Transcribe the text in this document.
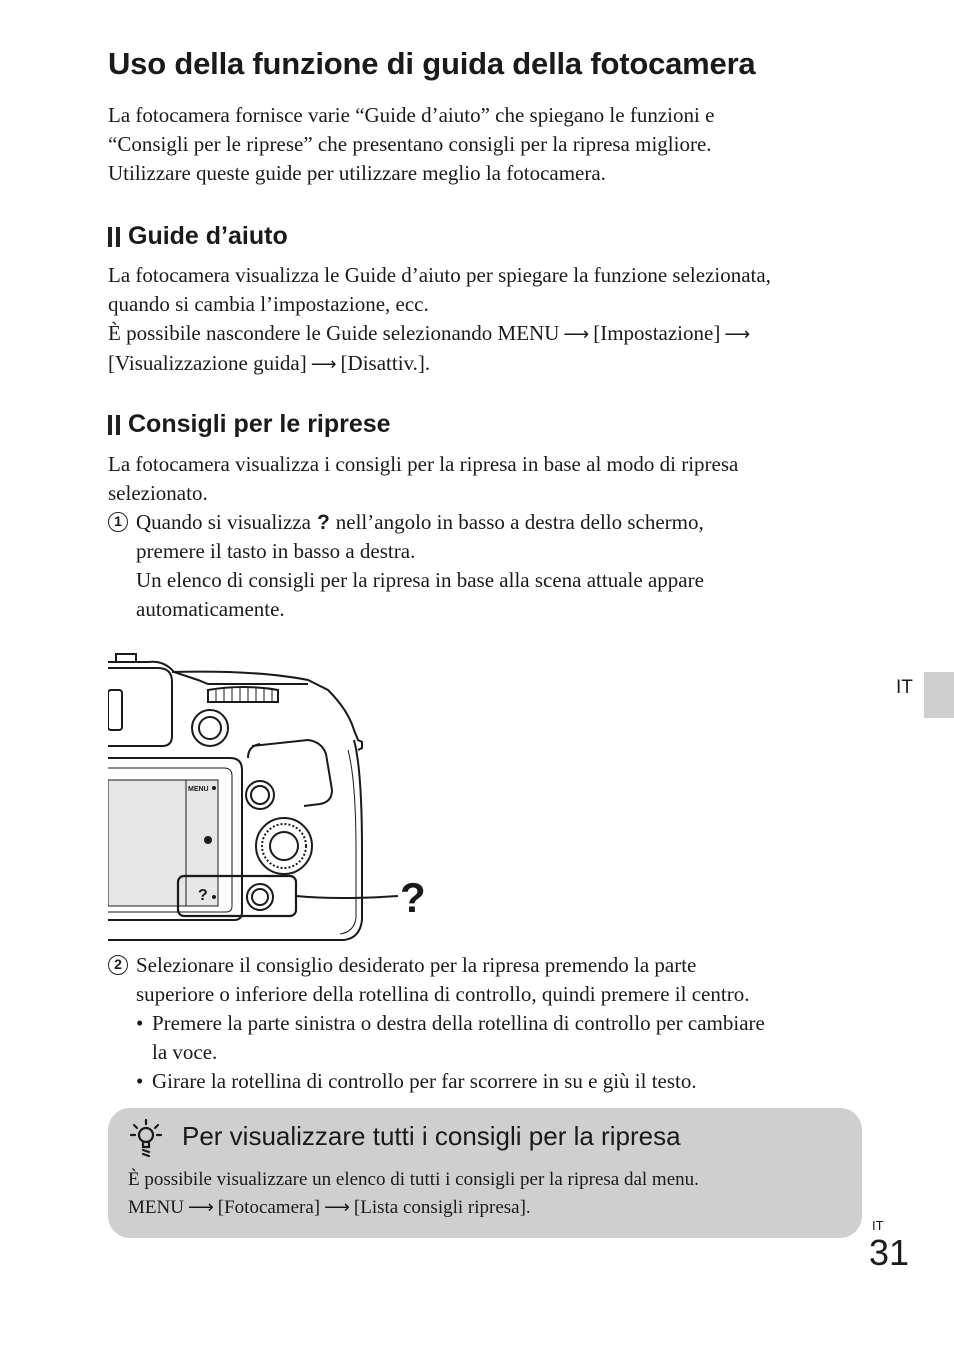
Uso della funzione di guida della fotocamera
La fotocamera fornisce varie “Guide d’aiuto” che spiegano le funzioni e
“Consigli per le riprese” che presentano consigli per la ripresa migliore.
Utilizzare queste guide per utilizzare meglio la fotocamera.
Guide d’aiuto
La fotocamera visualizza le Guide d’aiuto per spiegare la funzione selezionata,
quando si cambia l’impostazione, ecc.
È possibile nascondere le Guide selezionando MENU ⟶ [Impostazione] ⟶
[Visualizzazione guida] ⟶ [Disattiv.].
Consigli per le riprese
La fotocamera visualizza i consigli per la ripresa in base al modo di ripresa
selezionato.
1 Quando si visualizza ? nell’angolo in basso a destra dello schermo,
premere il tasto in basso a destra.
Un elenco di consigli per la ripresa in base alla scena attuale appare
automaticamente.
MENU
?	?
2 Selezionare il consiglio desiderato per la ripresa premendo la parte
superiore o inferiore della rotellina di controllo, quindi premere il centro.
• Premere la parte sinistra o destra della rotellina di controllo per cambiare
la voce.
• Girare la rotellina di controllo per far scorrere in su e giù il testo.
Per visualizzare tutti i consigli per la ripresa
È possibile visualizzare un elenco di tutti i consigli per la ripresa dal menu.
MENU ⟶ [Fotocamera] ⟶ [Lista consigli ripresa].
IT
IT
31
